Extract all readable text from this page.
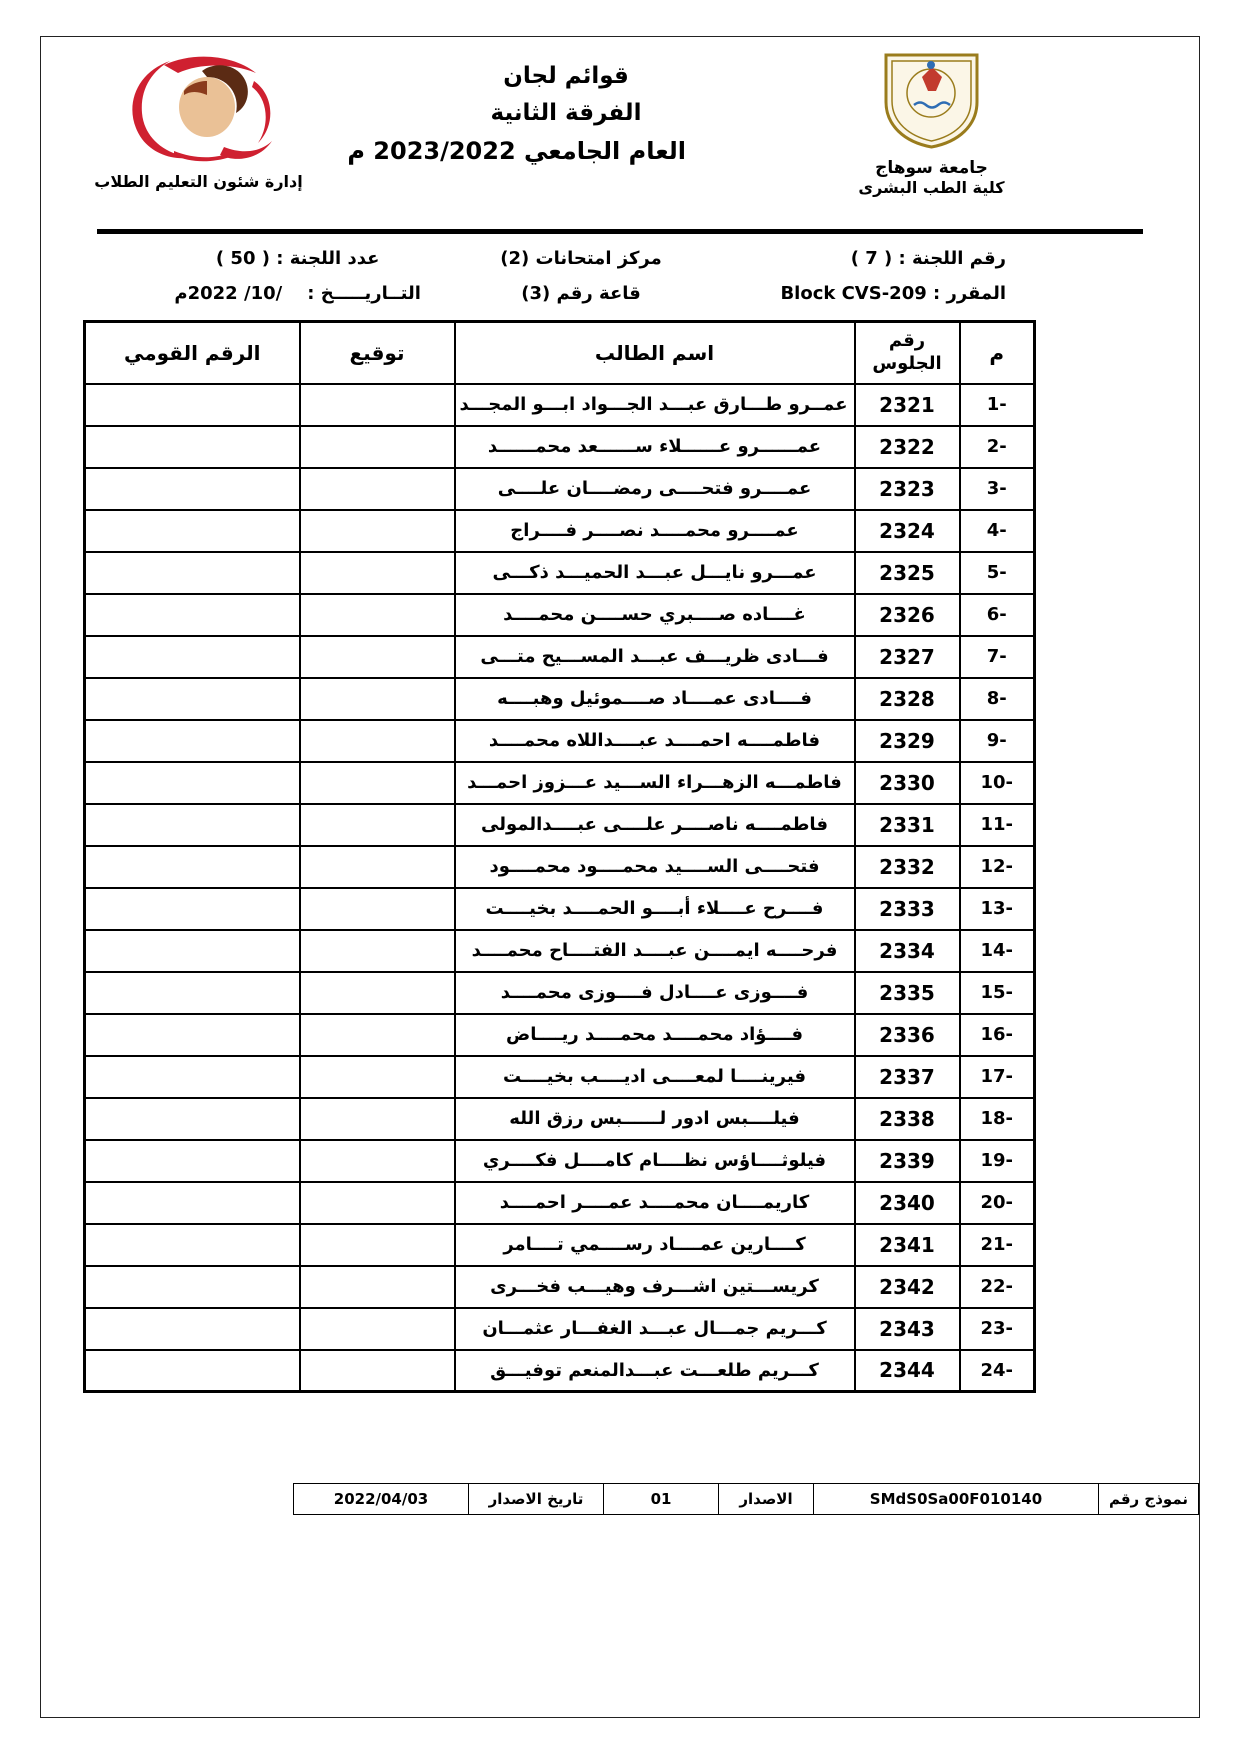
إدارة شئون التعليم الطلاب
قوائم لجان
الفرقة الثانية
العام الجامعي 2023/2022 م
جامعة سوهاج
كلية الطب البشرى
رقم اللجنة : ( 7 )
مركز امتحانات (2)
عدد اللجنة : ( 50 )
المقرر : Block CVS-209
قاعة رقم (3)
التــاريـــــخ :    /10/ 2022م
م	رقم الجلوس	اسم الطالب	توقيع	الرقم القومي
1-	2321	عمــرو طـــارق عبـــد الجـــواد ابـــو المجـــد		
2-	2322	عمــــــرو عــــــلاء ســــــعد محمــــــد		
3-	2323	عمــــرو فتحــــى رمضــــان علــــى		
4-	2324	عمــــرو محمــــد نصــــر فــــراج		
5-	2325	عمـــرو نايـــل عبـــد الحميـــد ذكـــى		
6-	2326	غــــاده صــــبري حســــن محمــــد		
7-	2327	فـــادى ظريـــف عبـــد المســـيح متـــى		
8-	2328	فــــادى عمــــاد صــــموئيل وهبــــه		
9-	2329	فاطمــــه احمــــد عبــــداللاه محمــــد		
10-	2330	فاطمـــه الزهـــراء الســـيد عـــزوز احمـــد		
11-	2331	فاطمــــه ناصــــر علــــى عبــــدالمولى		
12-	2332	فتحــــى الســــيد محمــــود محمــــود		
13-	2333	فــــرح عــــلاء أبــــو الحمــــد بخيــــت		
14-	2334	فرحــــه ايمــــن عبــــد الفتــــاح محمــــد		
15-	2335	فــــوزى عــــادل فــــوزى محمــــد		
16-	2336	فــــؤاد محمــــد محمــــد ريــــاض		
17-	2337	فيرينــــا لمعــــى اديــــب بخيــــت		
18-	2338	فيلــــبس ادور لــــــبس رزق الله		
19-	2339	فيلوثــــاؤس نظــــام كامــــل فكــــري		
20-	2340	كاريمــــان محمــــد عمــــر احمــــد		
21-	2341	كــــارين عمــــاد رســــمي تــــامر		
22-	2342	كريســـتين اشـــرف وهيـــب فخـــرى		
23-	2343	كـــريم جمـــال عبـــد الغفـــار عثمـــان		
24-	2344	كـــريم طلعـــت عبـــدالمنعم توفيـــق		
نموذج رقم	SMdS0Sa00F010140	الاصدار	01	تاريخ الاصدار	2022/04/03
